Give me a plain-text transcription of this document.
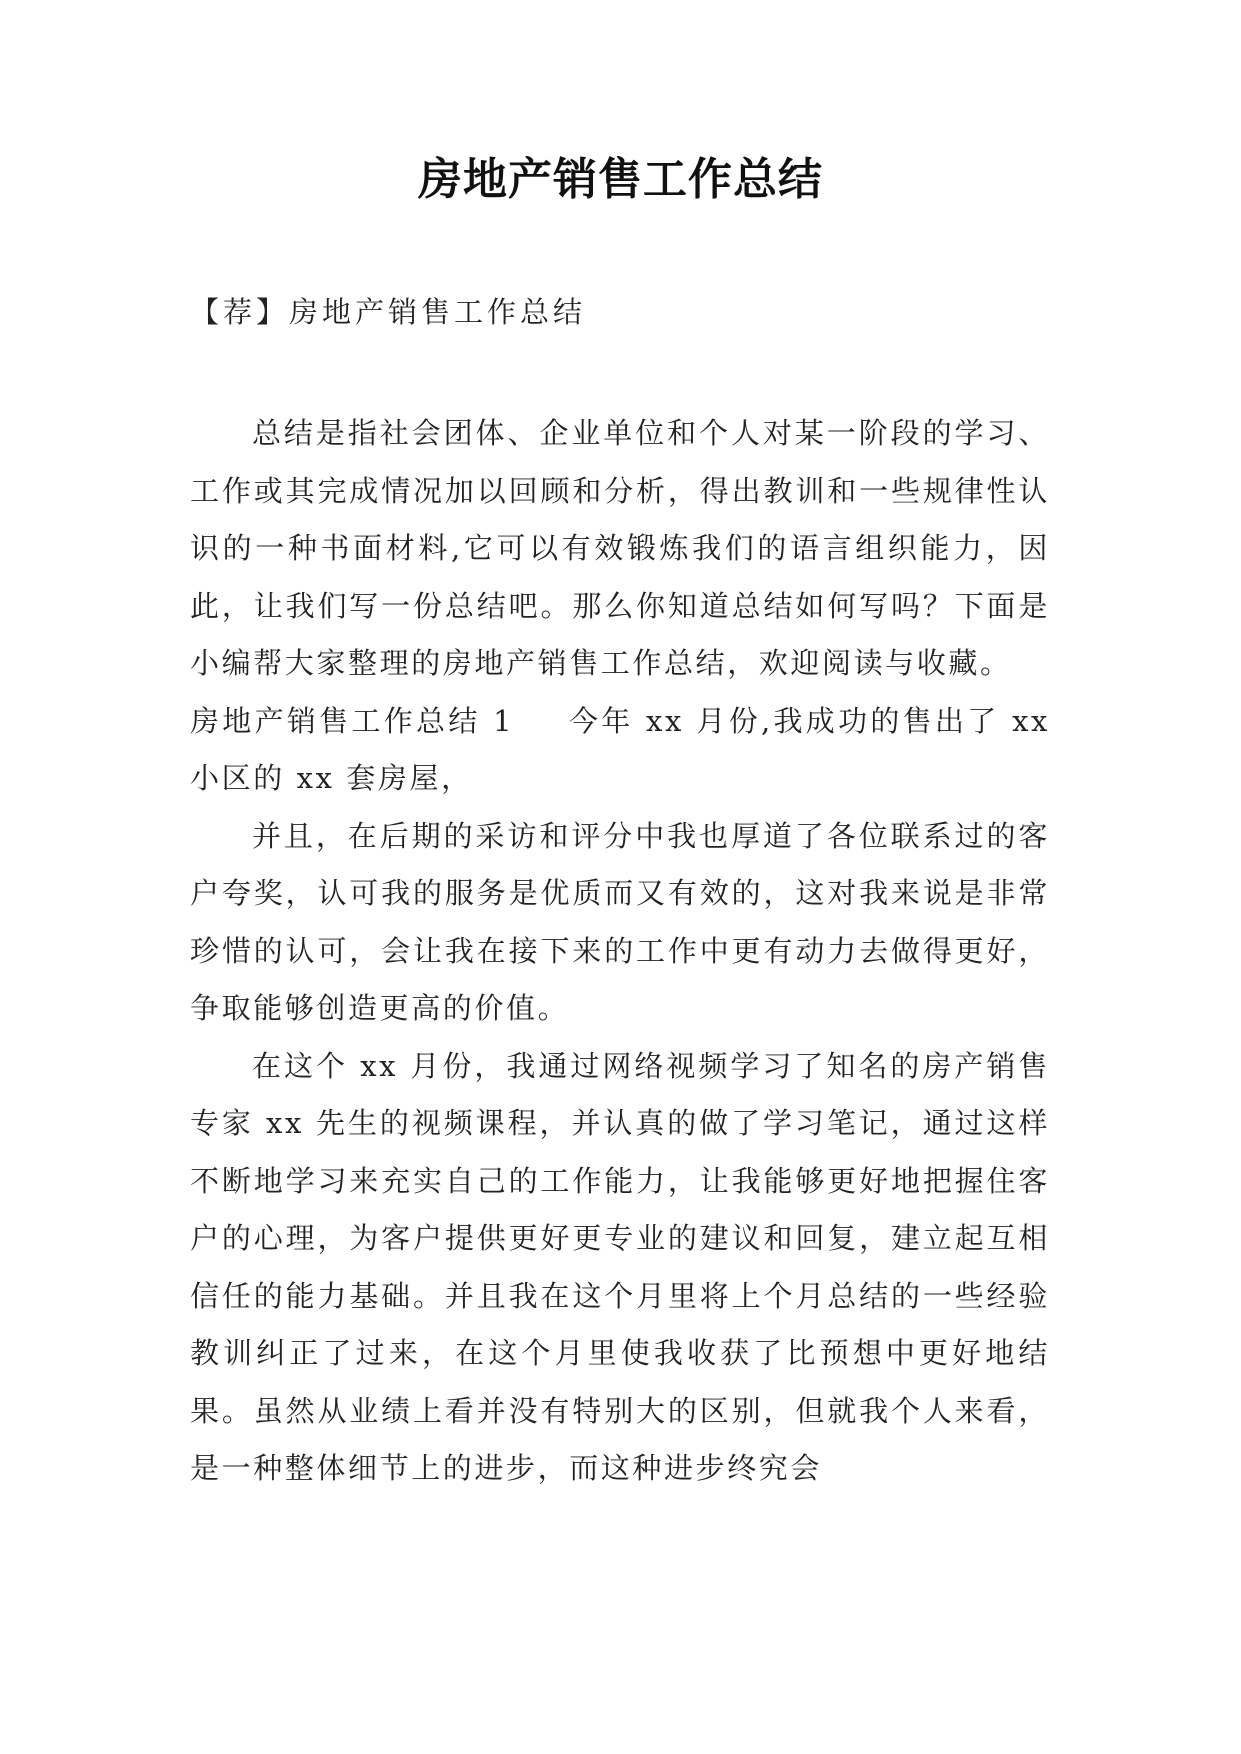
房地产销售工作总结

【荐】房地产销售工作总结

总结是指社会团体、企业单位和个人对某一阶段的学习、工作或其完成情况加以回顾和分析，得出教训和一些规律性认识的一种书面材料,它可以有效锻炼我们的语言组织能力，因此，让我们写一份总结吧。那么你知道总结如何写吗？下面是小编帮大家整理的房地产销售工作总结，欢迎阅读与收藏。

房地产销售工作总结 1 今年 xx 月份,我成功的售出了 xx 小区的 xx 套房屋，

并且，在后期的采访和评分中我也厚道了各位联系过的客户夸奖，认可我的服务是优质而又有效的，这对我来说是非常珍惜的认可，会让我在接下来的工作中更有动力去做得更好，争取能够创造更高的价值。

在这个 xx 月份，我通过网络视频学习了知名的房产销售专家 xx 先生的视频课程，并认真的做了学习笔记，通过这样不断地学习来充实自己的工作能力，让我能够更好地把握住客户的心理，为客户提供更好更专业的建议和回复，建立起互相信任的能力基础。并且我在这个月里将上个月总结的一些经验教训纠正了过来，在这个月里使我收获了比预想中更好地结果。虽然从业绩上看并没有特别大的区别，但就我个人来看，是一种整体细节上的进步，而这种进步终究会
